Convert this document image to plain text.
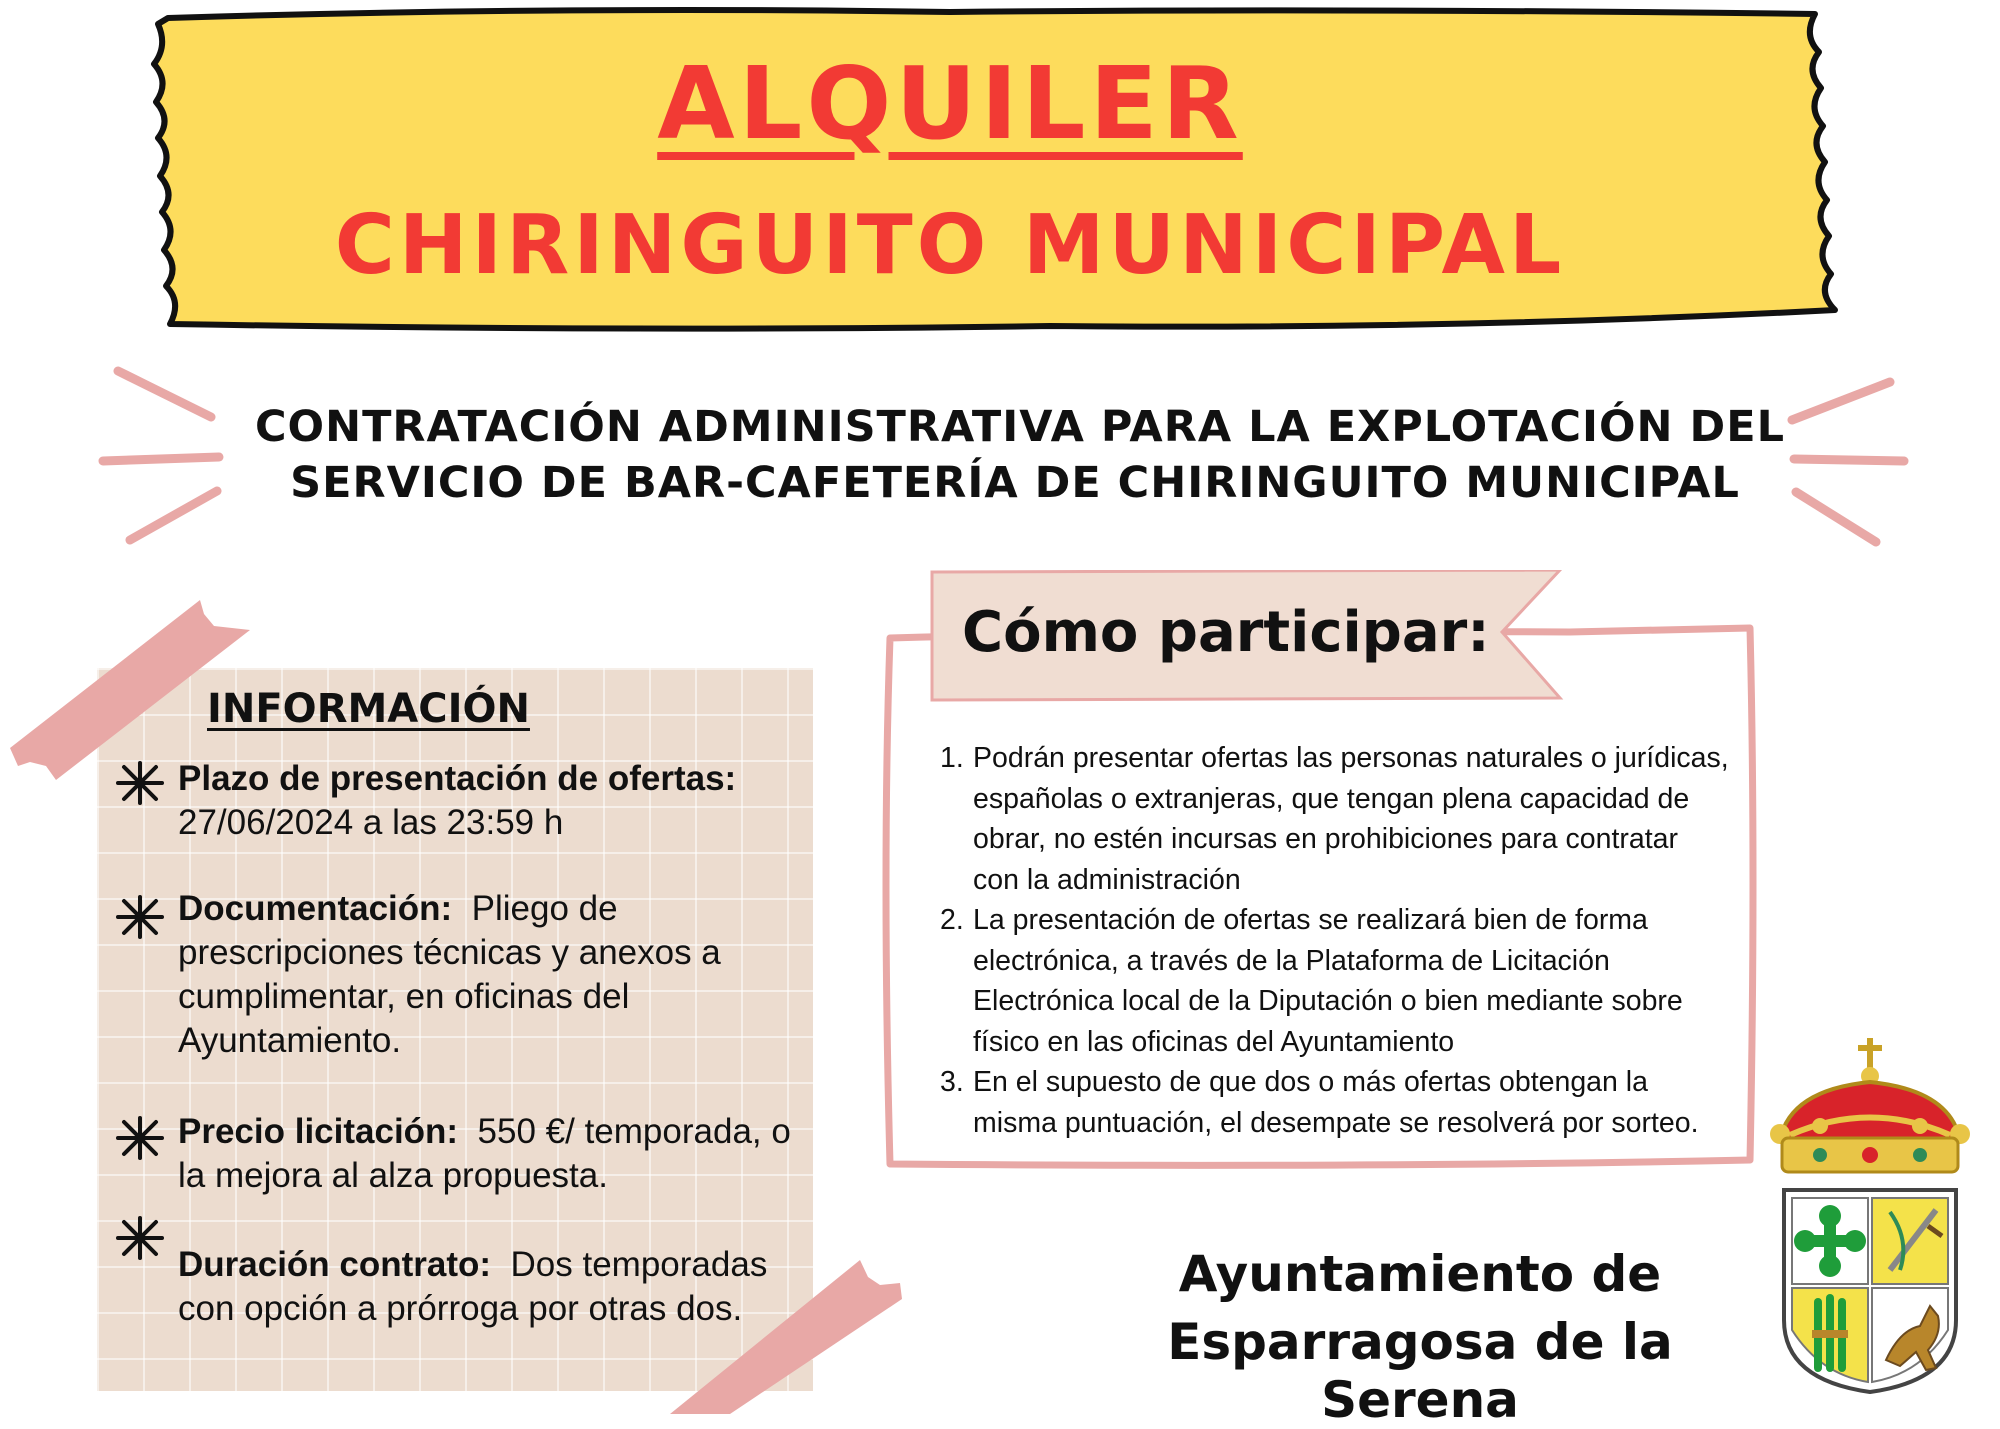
ALQUILER
CHIRINGUITO MUNICIPAL
CONTRATACIÓN ADMINISTRATIVA PARA LA EXPLOTACIÓN DEL
SERVICIO DE BAR-CAFETERÍA DE CHIRINGUITO MUNICIPAL
INFORMACIÓN
Plazo de presentación de ofertas:
27/06/2024 a las 23:59 h
Documentación: Pliego de prescripciones técnicas y anexos a cumplimentar, en oficinas del Ayuntamiento.
Precio licitación: 550 €/ temporada, o la mejora al alza propuesta.
Duración contrato: Dos temporadas con opción a prórroga por otras dos.
Cómo participar:
1. Podrán presentar ofertas las personas naturales o jurídicas, españolas o extranjeras, que tengan plena capacidad de obrar, no estén incursas en prohibiciones para contratar con la administración
2. La presentación de ofertas se realizará bien de forma electrónica, a través de la Plataforma de Licitación Electrónica local de la Diputación o bien mediante sobre físico en las oficinas del Ayuntamiento
3. En el supuesto de que dos o más ofertas obtengan la misma puntuación, el desempate se resolverá por sorteo.
Ayuntamiento de
Esparragosa de la Serena
